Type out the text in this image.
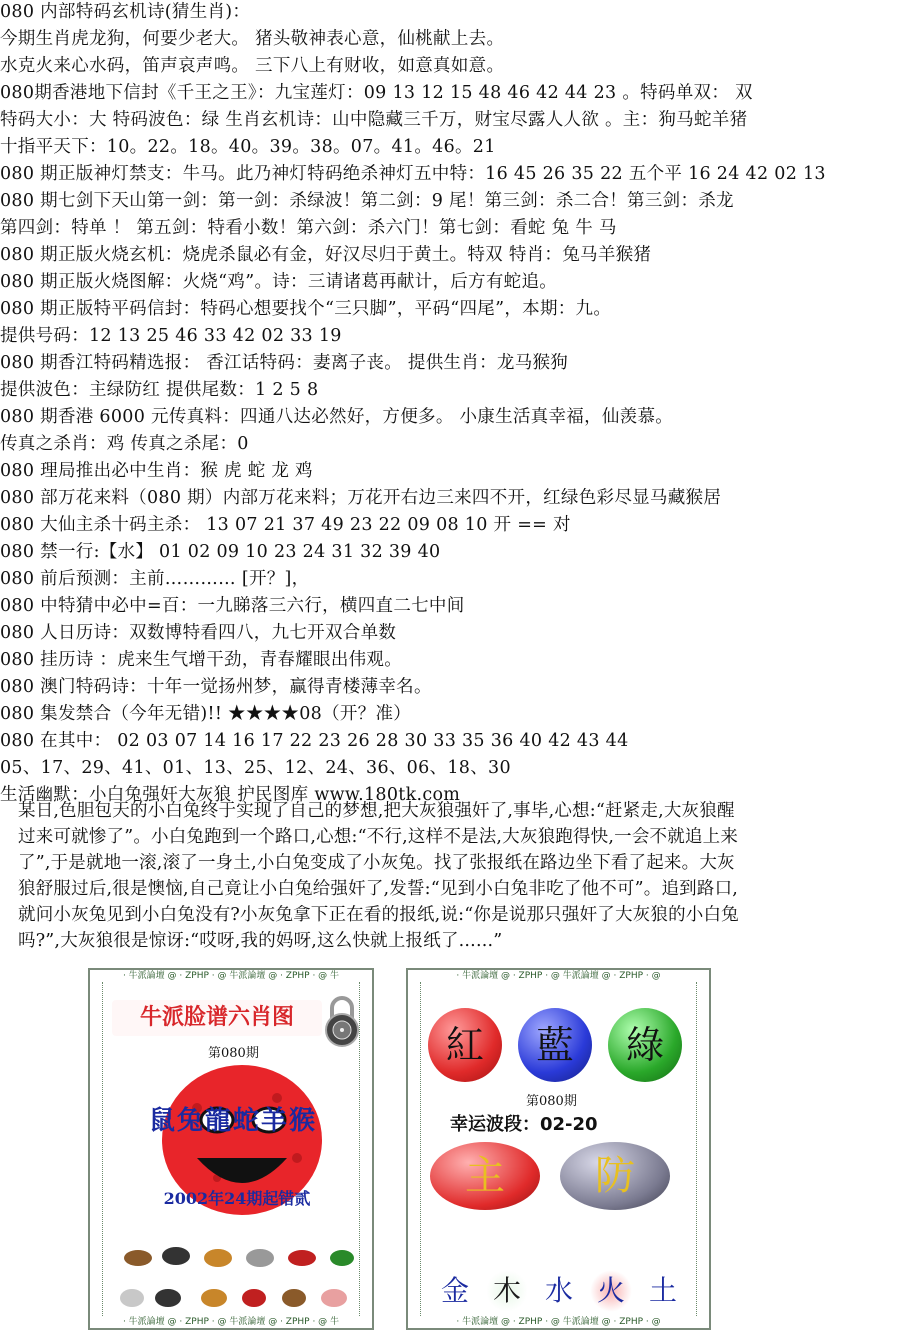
080 内部特码玄机诗(猜生肖)：
今期生肖虎龙狗，何要少老大。 猪头敬神表心意，仙桃献上去。
水克火来心水码，笛声哀声鸣。 三下八上有财收，如意真如意。
080期香港地下信封《千王之王》：九宝莲灯：09 13 12 15 48 46 42 44 23 。特码单双： 双
特码大小：大 特码波色：绿 生肖玄机诗：山中隐藏三千万，财宝尽露人人欲 。主：狗马蛇羊猪
十指平天下：10。22。18。40。39。38。07。41。46。21
080 期正版神灯禁支：牛马。此乃神灯特码绝杀神灯五中特：16 45 26 35 22 五个平 16 24 42 02 13
080 期七剑下天山第一剑：第一剑：杀绿波！第二剑：9 尾！第三剑：杀二合！第三剑：杀龙
第四剑：特单 ！ 第五剑：特看小数！第六剑：杀六门！第七剑：看蛇 兔 牛 马
080 期正版火烧玄机：烧虎杀鼠必有金，好汉尽归于黄土。特双 特肖：兔马羊猴猪
080 期正版火烧图解：火烧“鸡”。诗：三请诸葛再献计，后方有蛇追。
080 期正版特平码信封：特码心想要找个“三只脚”，平码“四尾”，本期：九。
提供号码：12 13 25 46 33 42 02 33 19
080 期香江特码精选报： 香江话特码：妻离子丧。 提供生肖：龙马猴狗
提供波色：主绿防红 提供尾数：1 2 5 8
080 期香港 6000 元传真料：四通八达必然好，方便多。 小康生活真幸福，仙羡慕。
传真之杀肖：鸡 传真之杀尾：0
080 理局推出必中生肖：猴 虎 蛇 龙 鸡
080 部万花来料（080 期）内部万花来料；万花开右边三来四不开，红绿色彩尽显马藏猴居
080 大仙主杀十码主杀： 13 07 21 37 49 23 22 09 08 10 开 == 对
080 禁一行:【水】 01 02 09 10 23 24 31 32 39 40
080 前后预测：主前………… [开？]，
080 中特猜中必中=百：一九睇落三六行，横四直二七中间
080 人日历诗：双数博特看四八，九七开双合单数
080 挂历诗 ：虎来生气增干劲，青春耀眼出伟观。
080 澳门特码诗：十年一觉扬州梦，赢得青楼薄幸名。
080 集发禁合（今年无错)!! ★★★★08（开？准）
080 在其中： 02 03 07 14 16 17 22 23 26 28 30 33 35 36 40 42 43 44
05、17、29、41、01、13、25、12、24、36、06、18、30
生活幽默：小白兔强奸大灰狼 护民图库 www.180tk.com

某日,色胆包天的小白兔终于实现了自己的梦想,把大灰狼强奸了,事毕,心想:“赶紧走,大灰狼醒

过来可就惨了”。小白兔跑到一个路口,心想:“不行,这样不是法,大灰狼跑得快,一会不就追上来

了”,于是就地一滚,滚了一身土,小白兔变成了小灰兔。找了张报纸在路边坐下看了起来。大灰

狼舒服过后,很是懊恼,自己竟让小白兔给强奸了,发誓:“见到小白兔非吃了他不可”。追到路口,

就问小灰兔见到小白兔没有?小灰兔拿下正在看的报纸,说:“你是说那只强奸了大灰狼的小白兔

吗?”,大灰狼很是惊讶:“哎呀,我的妈呀,这么快就上报纸了......”

· 牛派論壇 @ · ZPHP · @ 牛派論壇 @ · ZPHP · @ 牛
· 牛派論壇 @ · ZPHP · @ 牛派論壇 @ · ZPHP · @ 牛
牛派脸谱六肖图
第080期
鼠兔龍蛇羊猴
2002年24期起错贰
· 牛派論壇 @ · ZPHP · @ 牛派論壇 @ · ZPHP · @
· 牛派論壇 @ · ZPHP · @ 牛派論壇 @ · ZPHP · @
紅	藍	綠
第080期
幸运波段：02-20
主	防
金 木 水 火 土
